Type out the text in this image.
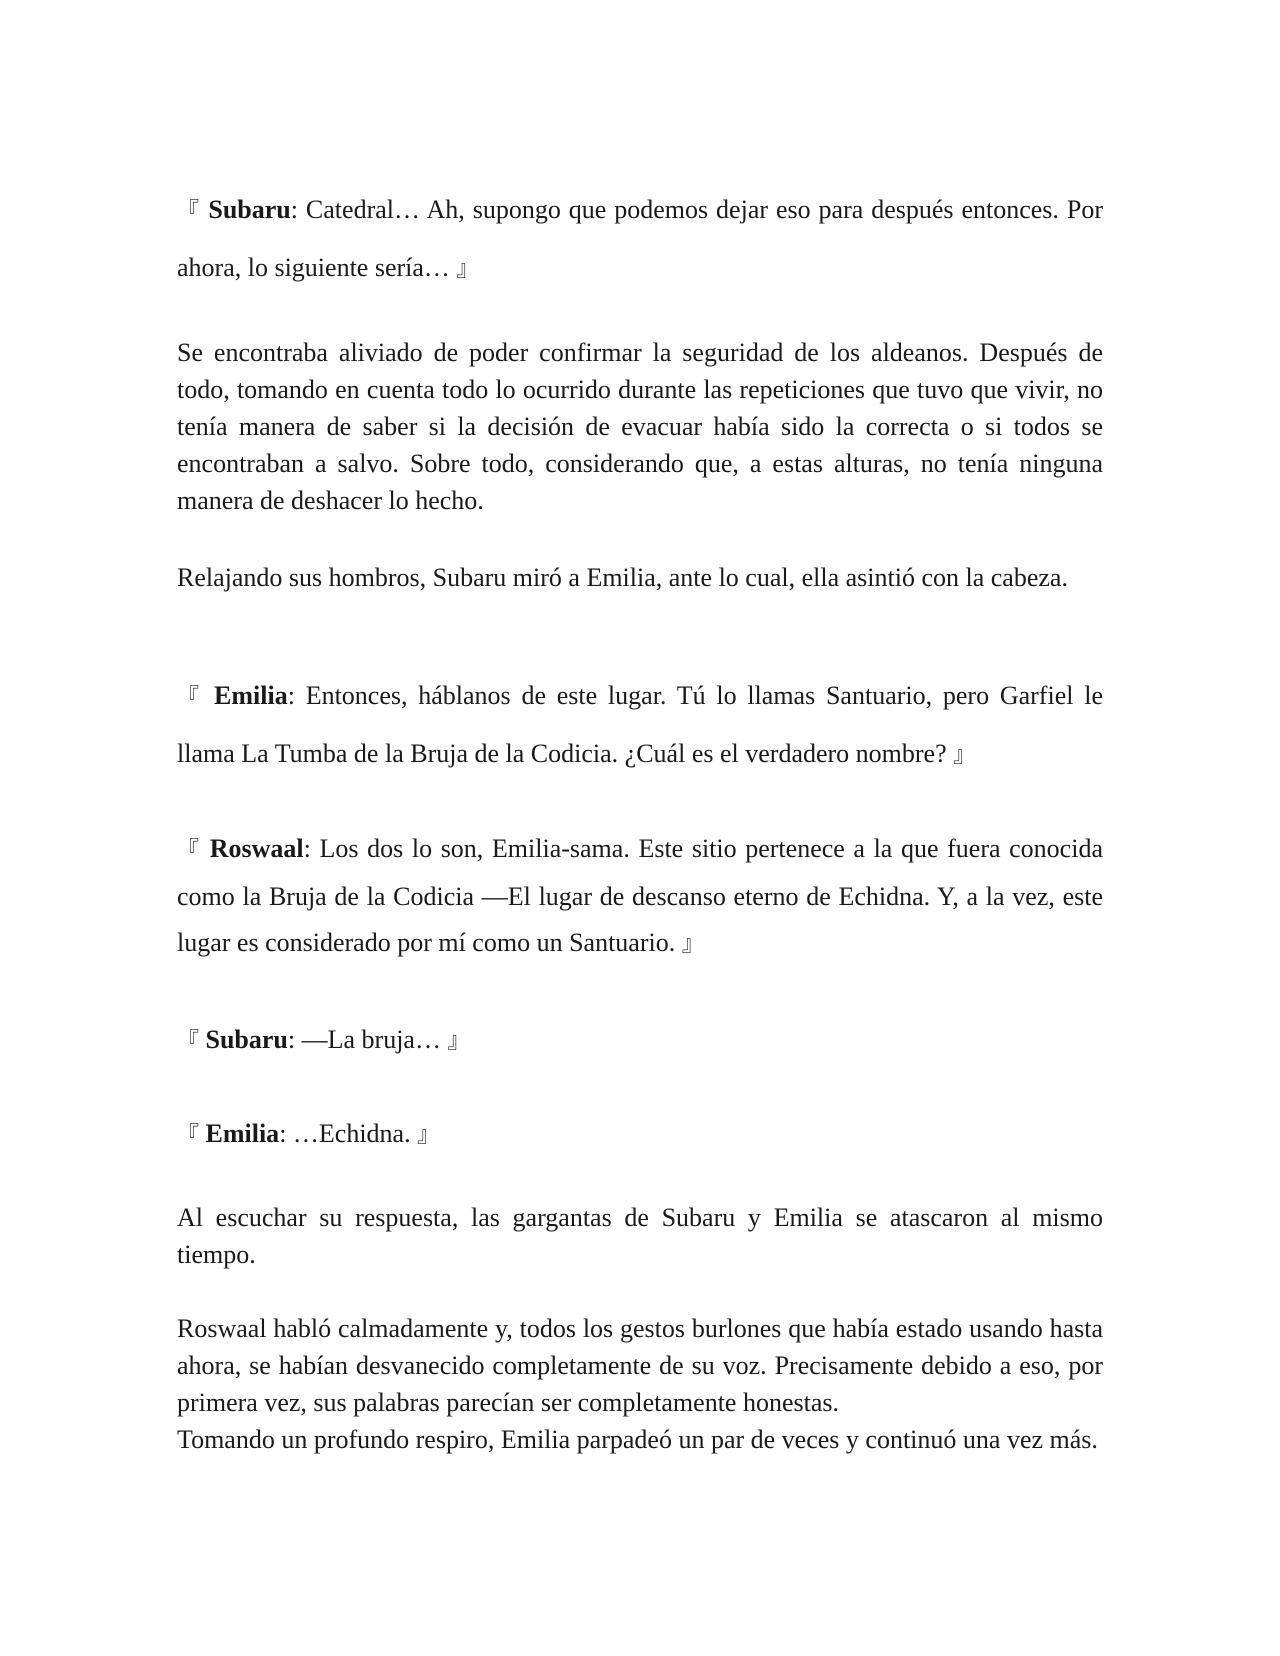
『 Subaru: Catedral… Ah, supongo que podemos dejar eso para después entonces. Por ahora, lo siguiente sería… 』

Se encontraba aliviado de poder confirmar la seguridad de los aldeanos. Después de todo, tomando en cuenta todo lo ocurrido durante las repeticiones que tuvo que vivir, no tenía manera de saber si la decisión de evacuar había sido la correcta o si todos se encontraban a salvo. Sobre todo, considerando que, a estas alturas, no tenía ninguna manera de deshacer lo hecho.

Relajando sus hombros, Subaru miró a Emilia, ante lo cual, ella asintió con la cabeza.

『 Emilia: Entonces, háblanos de este lugar. Tú lo llamas Santuario, pero Garfiel le llama La Tumba de la Bruja de la Codicia. ¿Cuál es el verdadero nombre? 』

『 Roswaal: Los dos lo son, Emilia-sama. Este sitio pertenece a la que fuera conocida como la Bruja de la Codicia —El lugar de descanso eterno de Echidna. Y, a la vez, este lugar es considerado por mí como un Santuario. 』

『 Subaru: —La bruja… 』

『 Emilia: …Echidna. 』

Al escuchar su respuesta, las gargantas de Subaru y Emilia se atascaron al mismo tiempo.

Roswaal habló calmadamente y, todos los gestos burlones que había estado usando hasta ahora, se habían desvanecido completamente de su voz. Precisamente debido a eso, por primera vez, sus palabras parecían ser completamente honestas.

Tomando un profundo respiro, Emilia parpadeó un par de veces y continuó una vez más.
